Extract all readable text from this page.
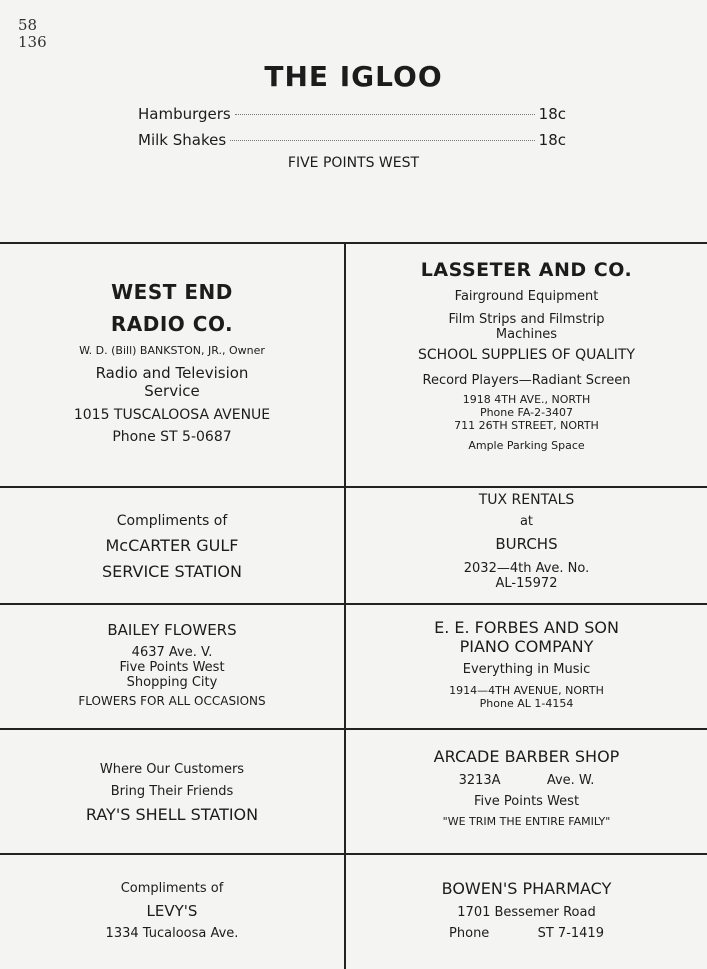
58
136
THE IGLOO
Hamburgers	18c
Milk Shakes	18c
FIVE POINTS WEST
WEST END
RADIO CO.
W. D. (Bill) BANKSTON, JR., Owner
Radio and Television
Service
1015 TUSCALOOSA AVENUE
Phone ST 5-0687
LASSETER AND CO.
Fairground Equipment
Film Strips and Filmstrip
Machines
SCHOOL SUPPLIES OF QUALITY
Record Players—Radiant Screen
1918 4TH AVE., NORTH
Phone FA-2-3407
711 26TH STREET, NORTH
Ample Parking Space
Compliments of
McCARTER GULF
SERVICE STATION
TUX RENTALS
at
BURCHS
2032—4th Ave. No.
AL-15972
BAILEY FLOWERS
4637 Ave. V.
Five Points West
Shopping City
FLOWERS FOR ALL OCCASIONS
E. E. FORBES AND SON
PIANO COMPANY
Everything in Music
1914—4TH AVENUE, NORTH
Phone AL 1-4154
Where Our Customers
Bring Their Friends
RAY'S SHELL STATION
ARCADE BARBER SHOP
3213A	Ave. W.
Five Points West
"WE TRIM THE ENTIRE FAMILY"
Compliments of
LEVY'S
1334 Tucaloosa Ave.
BOWEN'S PHARMACY
1701 Bessemer Road
Phone	ST 7-1419
